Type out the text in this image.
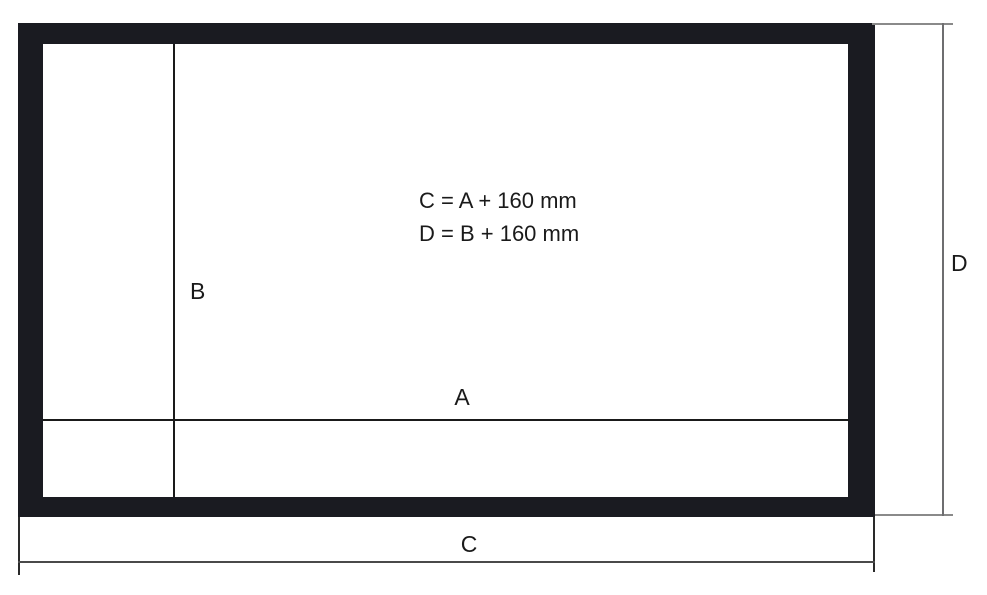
C = A + 160 mm
D = B + 160 mm
A
B
C
D
